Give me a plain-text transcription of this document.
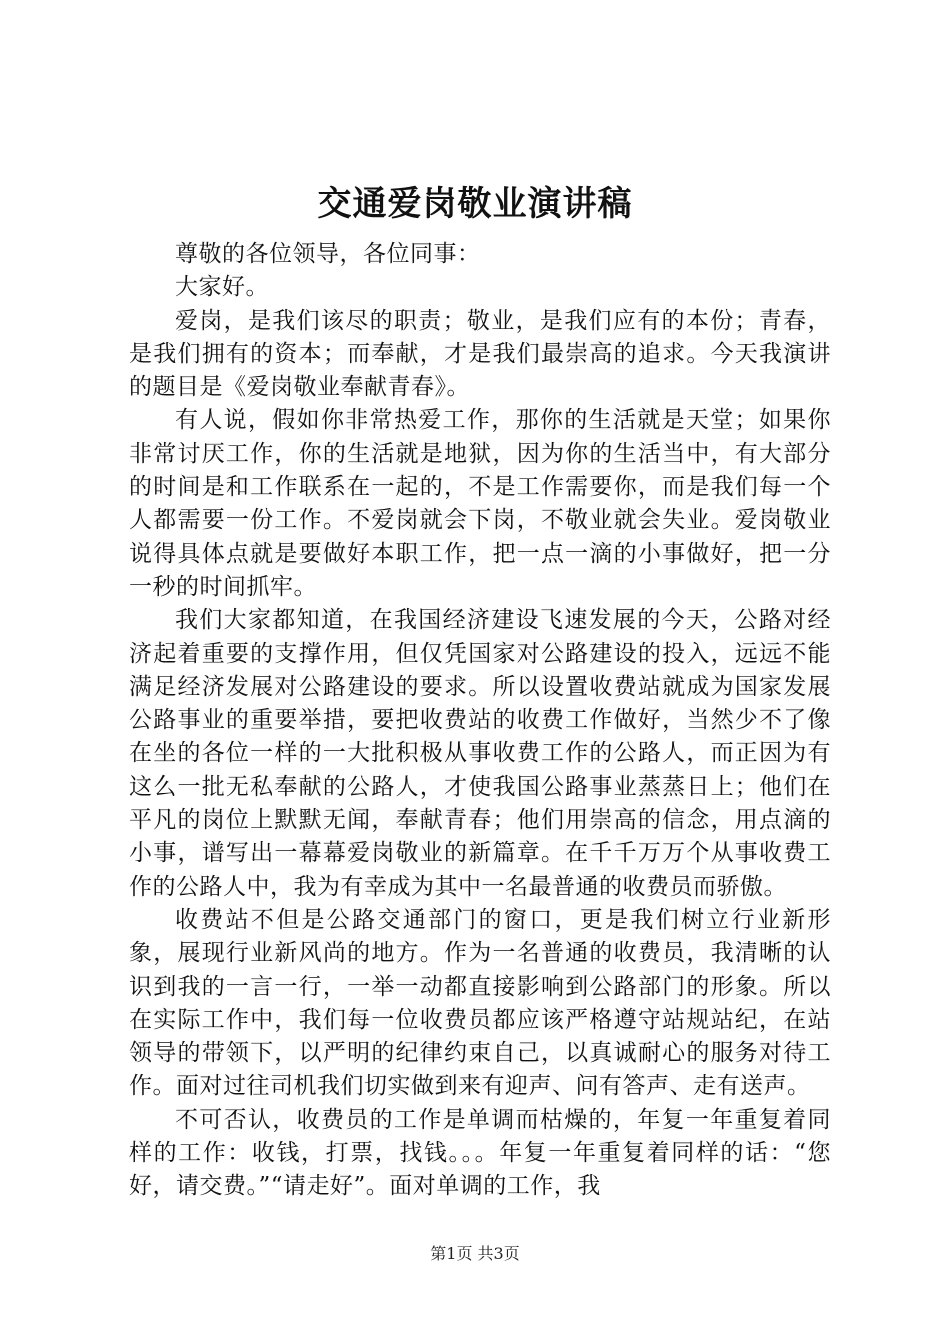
交通爱岗敬业演讲稿

尊敬的各位领导，各位同事：

大家好。

爱岗，是我们该尽的职责；敬业，是我们应有的本份；青春，是我们拥有的资本；而奉献，才是我们最崇高的追求。今天我演讲的题目是《爱岗敬业奉献青春》。

有人说，假如你非常热爱工作，那你的生活就是天堂；如果你非常讨厌工作，你的生活就是地狱，因为你的生活当中，有大部分的时间是和工作联系在一起的，不是工作需要你，而是我们每一个人都需要一份工作。不爱岗就会下岗，不敬业就会失业。爱岗敬业说得具体点就是要做好本职工作，把一点一滴的小事做好，把一分一秒的时间抓牢。

我们大家都知道，在我国经济建设飞速发展的今天，公路对经济起着重要的支撑作用，但仅凭国家对公路建设的投入，远远不能满足经济发展对公路建设的要求。所以设置收费站就成为国家发展公路事业的重要举措，要把收费站的收费工作做好，当然少不了像在坐的各位一样的一大批积极从事收费工作的公路人，而正因为有这么一批无私奉献的公路人，才使我国公路事业蒸蒸日上；他们在平凡的岗位上默默无闻，奉献青春；他们用崇高的信念，用点滴的小事，谱写出一幕幕爱岗敬业的新篇章。在千千万万个从事收费工作的公路人中，我为有幸成为其中一名最普通的收费员而骄傲。

收费站不但是公路交通部门的窗口，更是我们树立行业新形象，展现行业新风尚的地方。作为一名普通的收费员，我清晰的认识到我的一言一行，一举一动都直接影响到公路部门的形象。所以在实际工作中，我们每一位收费员都应该严格遵守站规站纪，在站领导的带领下，以严明的纪律约束自己，以真诚耐心的服务对待工作。面对过往司机我们切实做到来有迎声、问有答声、走有送声。

不可否认，收费员的工作是单调而枯燥的，年复一年重复着同样的工作：收钱，打票，找钱。。。年复一年重复着同样的话：“您好，请交费。”“请走好”。面对单调的工作，我

第1页 共3页
